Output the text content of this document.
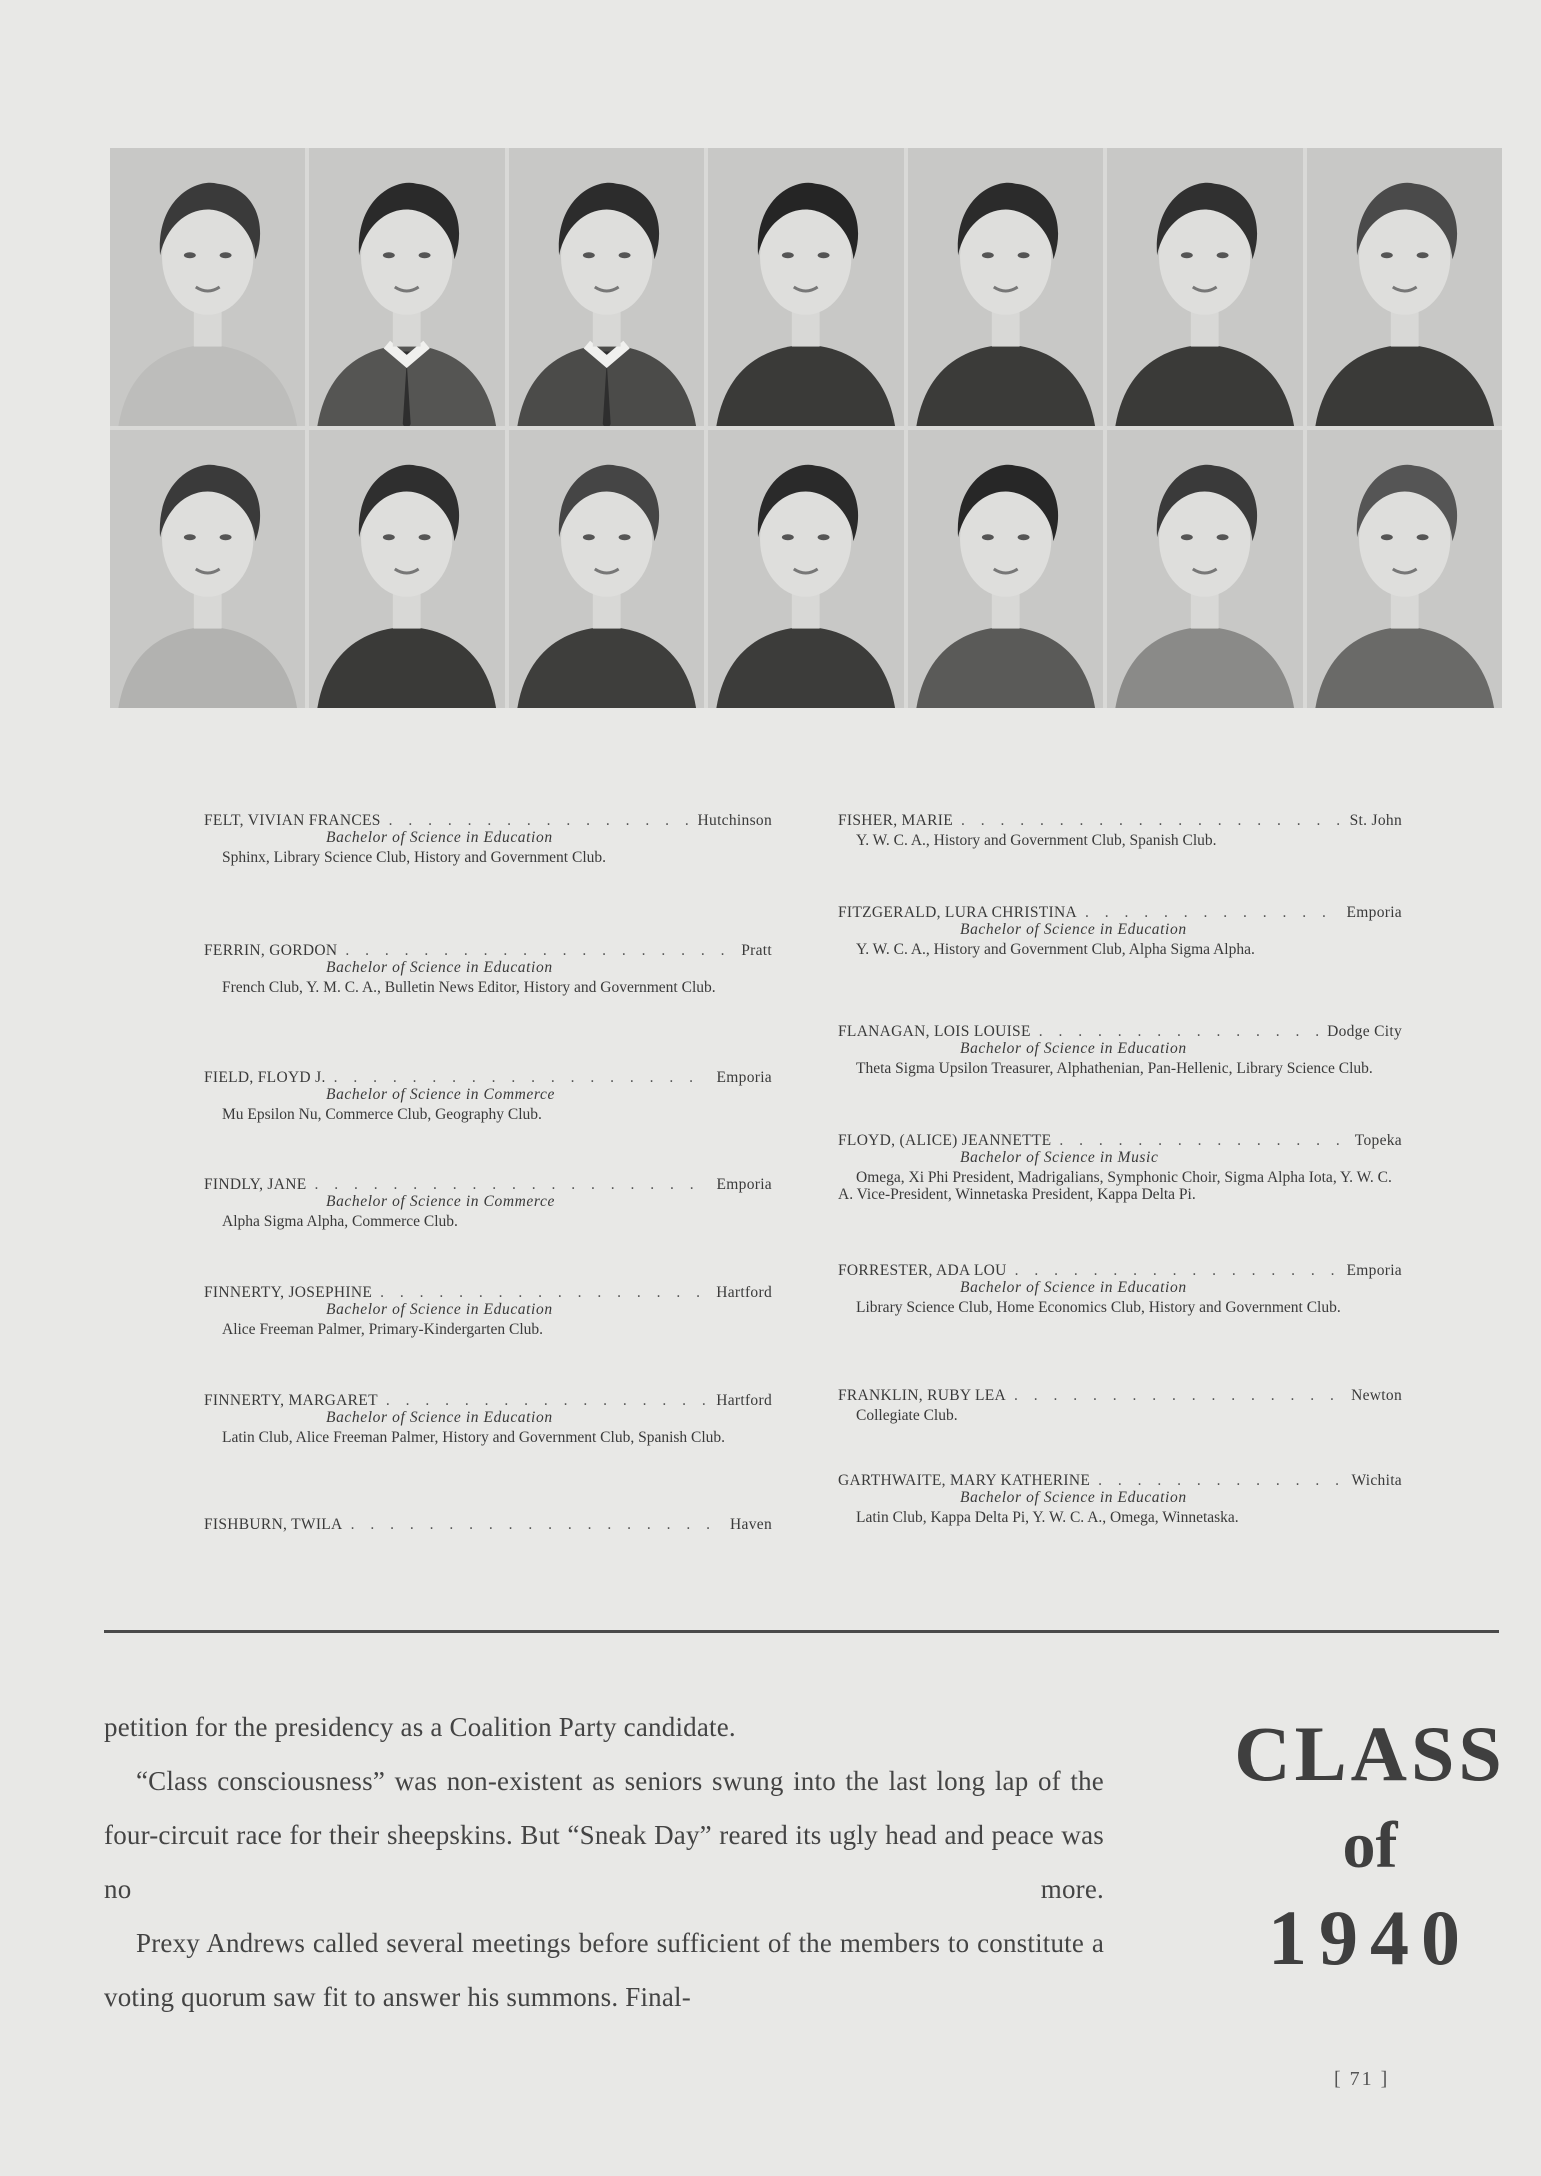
FELT, VIVIAN FRANCES . . .	Hutchinson
Bachelor of Science in Education
Sphinx, Library Science Club, History and Government Club.
FERRIN, GORDON . . .	Pratt
Bachelor of Science in Education
French Club, Y. M. C. A., Bulletin News Editor, History and Government Club.
FIELD, FLOYD J. . . .	Emporia
Bachelor of Science in Commerce
Mu Epsilon Nu, Commerce Club, Geography Club.
FINDLY, JANE . . .	Emporia
Bachelor of Science in Commerce
Alpha Sigma Alpha, Commerce Club.
FINNERTY, JOSEPHINE . . .	Hartford
Bachelor of Science in Education
Alice Freeman Palmer, Primary-Kindergarten Club.
FINNERTY, MARGARET . . .	Hartford
Bachelor of Science in Education
Latin Club, Alice Freeman Palmer, History and Government Club, Spanish Club.
FISHBURN, TWILA . . .	Haven
FISHER, MARIE . . .	St. John
Y. W. C. A., History and Government Club, Spanish Club.
FITZGERALD, LURA CHRISTINA . . .	Emporia
Bachelor of Science in Education
Y. W. C. A., History and Government Club, Alpha Sigma Alpha.
FLANAGAN, LOIS LOUISE . . .	Dodge City
Bachelor of Science in Education
Theta Sigma Upsilon Treasurer, Alphathenian, Pan-Hellenic, Library Science Club.
FLOYD, (ALICE) JEANNETTE . . .	Topeka
Bachelor of Science in Music
Omega, Xi Phi President, Madrigalians, Symphonic Choir, Sigma Alpha Iota, Y. W. C. A. Vice-President, Winnetaska President, Kappa Delta Pi.
FORRESTER, ADA LOU . . .	Emporia
Bachelor of Science in Education
Library Science Club, Home Economics Club, History and Government Club.
FRANKLIN, RUBY LEA . . .	Newton
Collegiate Club.
GARTHWAITE, MARY KATHERINE . . .	Wichita
Bachelor of Science in Education
Latin Club, Kappa Delta Pi, Y. W. C. A., Omega, Winnetaska.

petition for the presidency as a Coalition Party candidate.

“Class consciousness” was non-existent as seniors swung into the last long lap of the four-circuit race for their sheepskins. But “Sneak Day” reared its ugly head and peace was no more.

Prexy Andrews called several meetings before sufficient of the members to constitute a voting quorum saw fit to answer his summons. Final-

CLASS
of
1940
[ 71 ]
